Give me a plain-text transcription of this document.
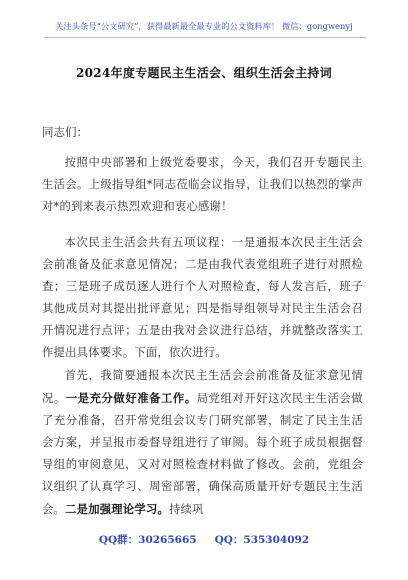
关注头条号“公文研究”，获得最新最全最专业的公文资料库！ 微信：gongwenyj
2024年度专题民主生活会、组织生活会主持词
同志们：
按照中央部署和上级党委要求，今天，我们召开专题民主生活会。上级指导组*同志莅临会议指导，让我们以热烈的掌声对*的到来表示热烈欢迎和衷心感谢！
本次民主生活会共有五项议程：一是通报本次民主生活会会前准备及征求意见情况；二是由我代表党组班子进行对照检查；三是班子成员逐人进行个人对照检查，每人发言后，班子其他成员对其提出批评意见；四是指导组领导对民主生活会召开情况进行点评；五是由我对会议进行总结，并就整改落实工作提出具体要求。下面，依次进行。
首先，我简要通报本次民主生活会会前准备及征求意见情况。一是充分做好准备工作。局党组对开好这次民主生活会做了充分准备，召开常党组会议专门研究部署，制定了民主生活会方案，并呈报市委督导组进行了审阅。每个班子成员根据督导组的审阅意见，又对对照检查材料做了修改。会前，党组会议组织了认真学习、周密部署，确保高质量开好专题民主生活会。二是加强理论学习。持续巩
QQ群：30265665 QQ：535304092
